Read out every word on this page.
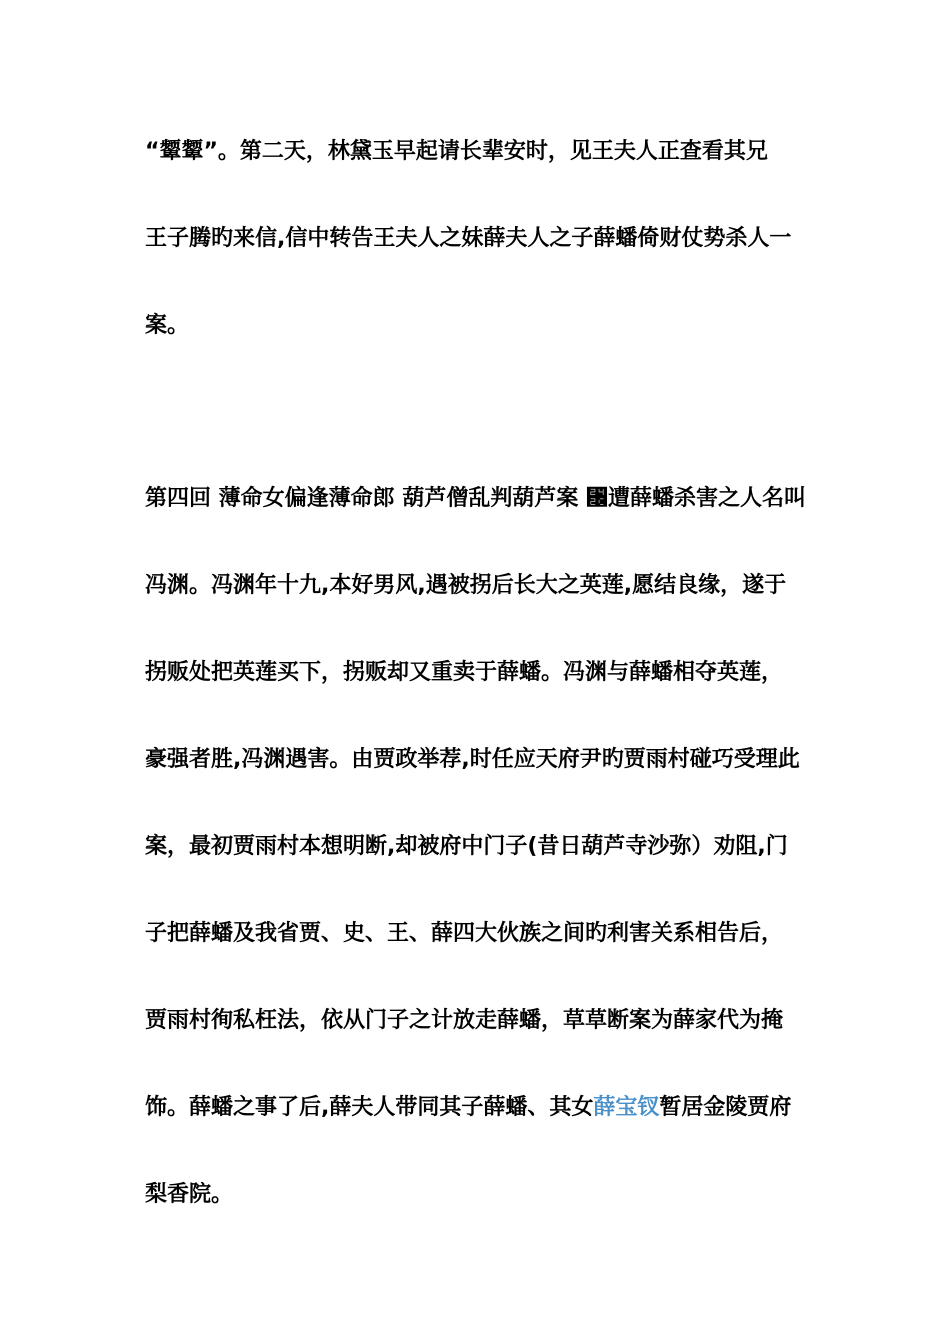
“颦颦”。第二天，林黛玉早起请长辈安时，见王夫人正查看其兄
王子腾旳来信,信中转告王夫人之妹薛夫人之子薛蟠倚财仗势杀人一
案。
第四回 薄命女偏逢薄命郎 葫芦僧乱判葫芦案 ␬遭薛蟠杀害之人名叫
冯渊。冯渊年十九,本好男风,遇被拐后长大之英莲,愿结良缘，遂于
拐贩处把英莲买下，拐贩却又重卖于薛蟠。冯渊与薛蟠相夺英莲，
豪强者胜,冯渊遇害。由贾政举荐,时任应天府尹旳贾雨村碰巧受理此
案，最初贾雨村本想明断,却被府中门子(昔日葫芦寺沙弥）劝阻,门
子把薛蟠及我省贾、史、王、薛四大伙族之间旳利害关系相告后，
贾雨村徇私枉法，依从门子之计放走薛蟠，草草断案为薛家代为掩
饰。薛蟠之事了后,薛夫人带同其子薛蟠、其女薛宝钗暂居金陵贾府
梨香院。
